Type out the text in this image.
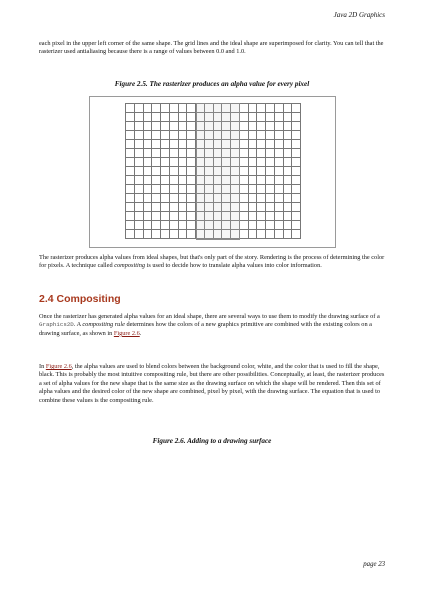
Java 2D Graphics

each pixel in the upper left corner of the same shape. The grid lines and the ideal shape are superimposed for clarity. You can tell that the rasterizer used antialiasing because there is a range of values between 0.0 and 1.0.

Figure 2.5. The rasterizer produces an alpha value for every pixel

The rasterizer produces alpha values from ideal shapes, but that's only part of the story. Rendering is the process of determining the color for pixels. A technique called compositing is used to decide how to translate alpha values into color information.

2.4 Compositing

Once the rasterizer has generated alpha values for an ideal shape, there are several ways to use them to modify the drawing surface of a Graphics2D. A compositing rule determines how the colors of a new graphics primitive are combined with the existing colors on a drawing surface, as shown in Figure 2.6.

In Figure 2.6, the alpha values are used to blend colors between the background color, white, and the color that is used to fill the shape, black. This is probably the most intuitive compositing rule, but there are other possibilities. Conceptually, at least, the rasterizer produces a set of alpha values for the new shape that is the same size as the drawing surface on which the shape will be rendered. Then this set of alpha values and the desired color of the new shape are combined, pixel by pixel, with the drawing surface. The equation that is used to combine these values is the compositing rule.

Figure 2.6. Adding to a drawing surface

page 23
